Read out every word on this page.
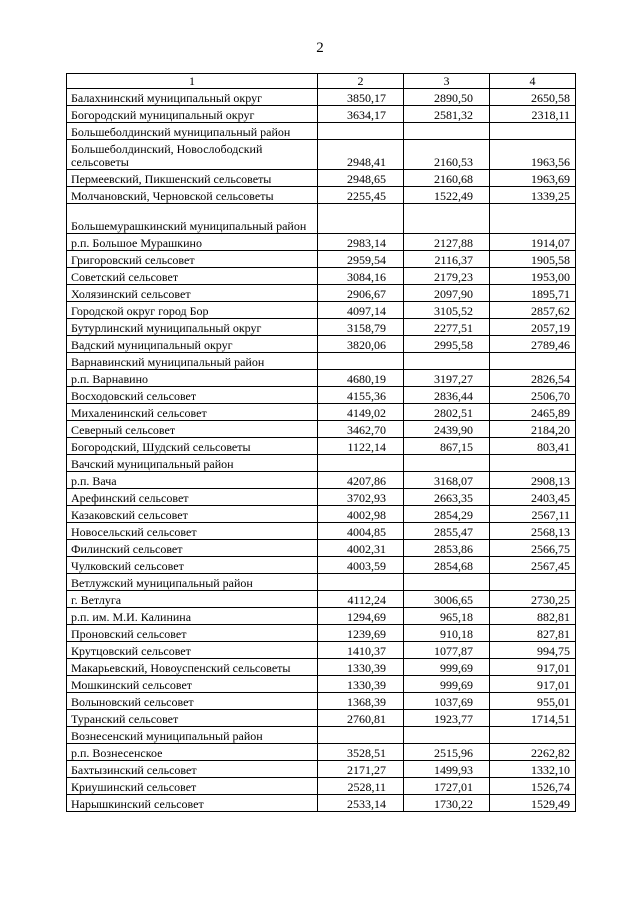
2
1	2	3	4
Балахнинский муниципальный округ	3850,17	2890,50	2650,58
Богородский муниципальный округ	3634,17	2581,32	2318,11
Большеболдинский муниципальный район			
Большеболдинский, Новослободский сельсоветы	2948,41	2160,53	1963,56
Пермеевский, Пикшенский сельсоветы	2948,65	2160,68	1963,69
Молчановский, Черновской сельсоветы	2255,45	1522,49	1339,25
Большемурашкинский муниципальный район			
р.п. Большое Мурашкино	2983,14	2127,88	1914,07
Григоровский сельсовет	2959,54	2116,37	1905,58
Советский сельсовет	3084,16	2179,23	1953,00
Холязинский сельсовет	2906,67	2097,90	1895,71
Городской округ город Бор	4097,14	3105,52	2857,62
Бутурлинский муниципальный округ	3158,79	2277,51	2057,19
Вадский муниципальный округ	3820,06	2995,58	2789,46
Варнавинский муниципальный район			
р.п. Варнавино	4680,19	3197,27	2826,54
Восходовский сельсовет	4155,36	2836,44	2506,70
Михаленинский сельсовет	4149,02	2802,51	2465,89
Северный сельсовет	3462,70	2439,90	2184,20
Богородский, Шудский сельсоветы	1122,14	867,15	803,41
Вачский муниципальный район			
р.п. Вача	4207,86	3168,07	2908,13
Арефинский сельсовет	3702,93	2663,35	2403,45
Казаковский сельсовет	4002,98	2854,29	2567,11
Новосельский сельсовет	4004,85	2855,47	2568,13
Филинский сельсовет	4002,31	2853,86	2566,75
Чулковский сельсовет	4003,59	2854,68	2567,45
Ветлужский муниципальный район			
г. Ветлуга	4112,24	3006,65	2730,25
р.п. им. М.И. Калинина	1294,69	965,18	882,81
Проновский сельсовет	1239,69	910,18	827,81
Крутцовский сельсовет	1410,37	1077,87	994,75
Макарьевский, Новоуспенский сельсоветы	1330,39	999,69	917,01
Мошкинский сельсовет	1330,39	999,69	917,01
Волыновский сельсовет	1368,39	1037,69	955,01
Туранский сельсовет	2760,81	1923,77	1714,51
Вознесенский муниципальный район			
р.п. Вознесенское	3528,51	2515,96	2262,82
Бахтызинский сельсовет	2171,27	1499,93	1332,10
Криушинский сельсовет	2528,11	1727,01	1526,74
Нарышкинский сельсовет	2533,14	1730,22	1529,49
